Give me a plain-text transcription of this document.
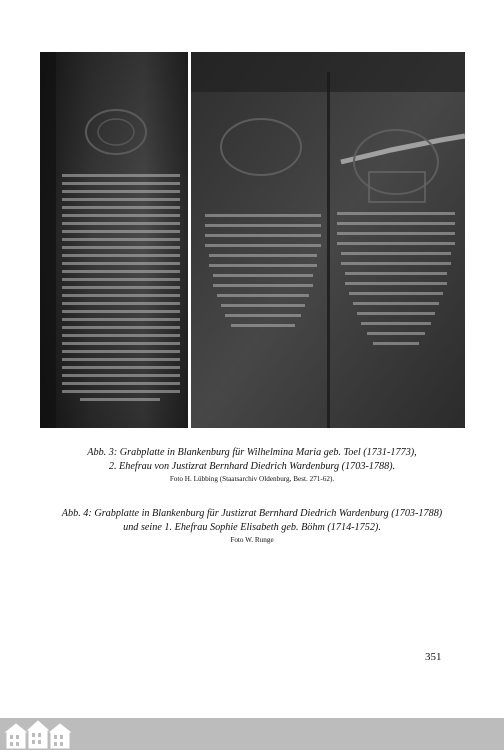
Abb. 3: Grabplatte in Blankenburg für Wilhelmina Maria geb. Toel (1731-1773),
2. Ehefrau von Justizrat Bernhard Diedrich Wardenburg (1703-1788).
Foto H. Lübbing (Staatsarchiv Oldenburg, Best. 271-62).
Abb. 4: Grabplatte in Blankenburg für Justizrat Bernhard Diedrich Wardenburg (1703-1788)
und seine 1. Ehefrau Sophie Elisabeth geb. Böhm (1714-1752).
Foto W. Runge
351
